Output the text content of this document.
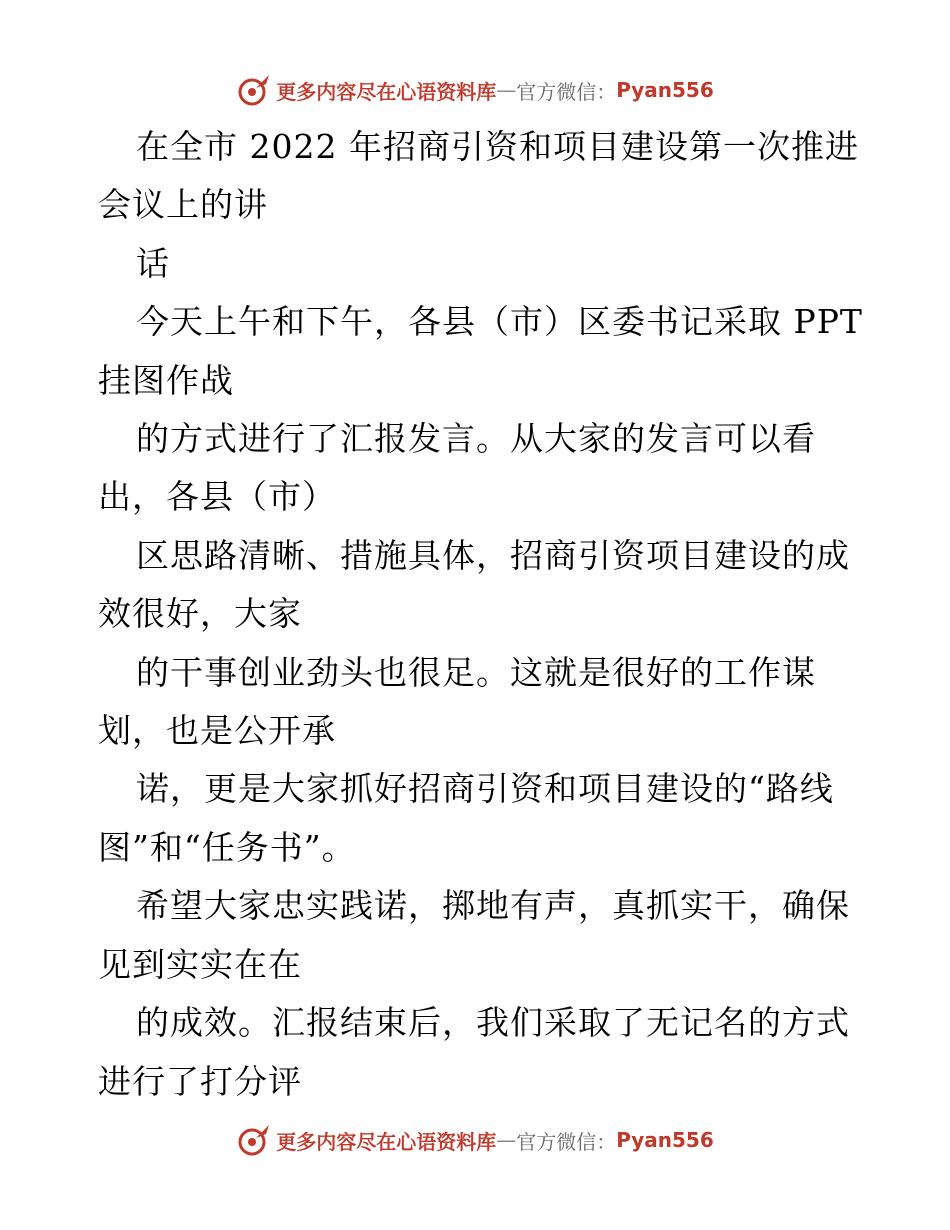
更多内容尽在心语资料库 — 官方微信： Pyan556
在全市 2022 年招商引资和项目建设第一次推进
会议上的讲
话
今天上午和下午，各县（市）区委书记采取 PPT
挂图作战
的方式进行了汇报发言。从大家的发言可以看
出，各县（市）
区思路清晰、措施具体，招商引资项目建设的成
效很好，大家
的干事创业劲头也很足。这就是很好的工作谋
划，也是公开承
诺，更是大家抓好招商引资和项目建设的“路线
图”和“任务书”。
希望大家忠实践诺，掷地有声，真抓实干，确保
见到实实在在
的成效。汇报结束后，我们采取了无记名的方式
进行了打分评
更多内容尽在心语资料库 — 官方微信： Pyan556
